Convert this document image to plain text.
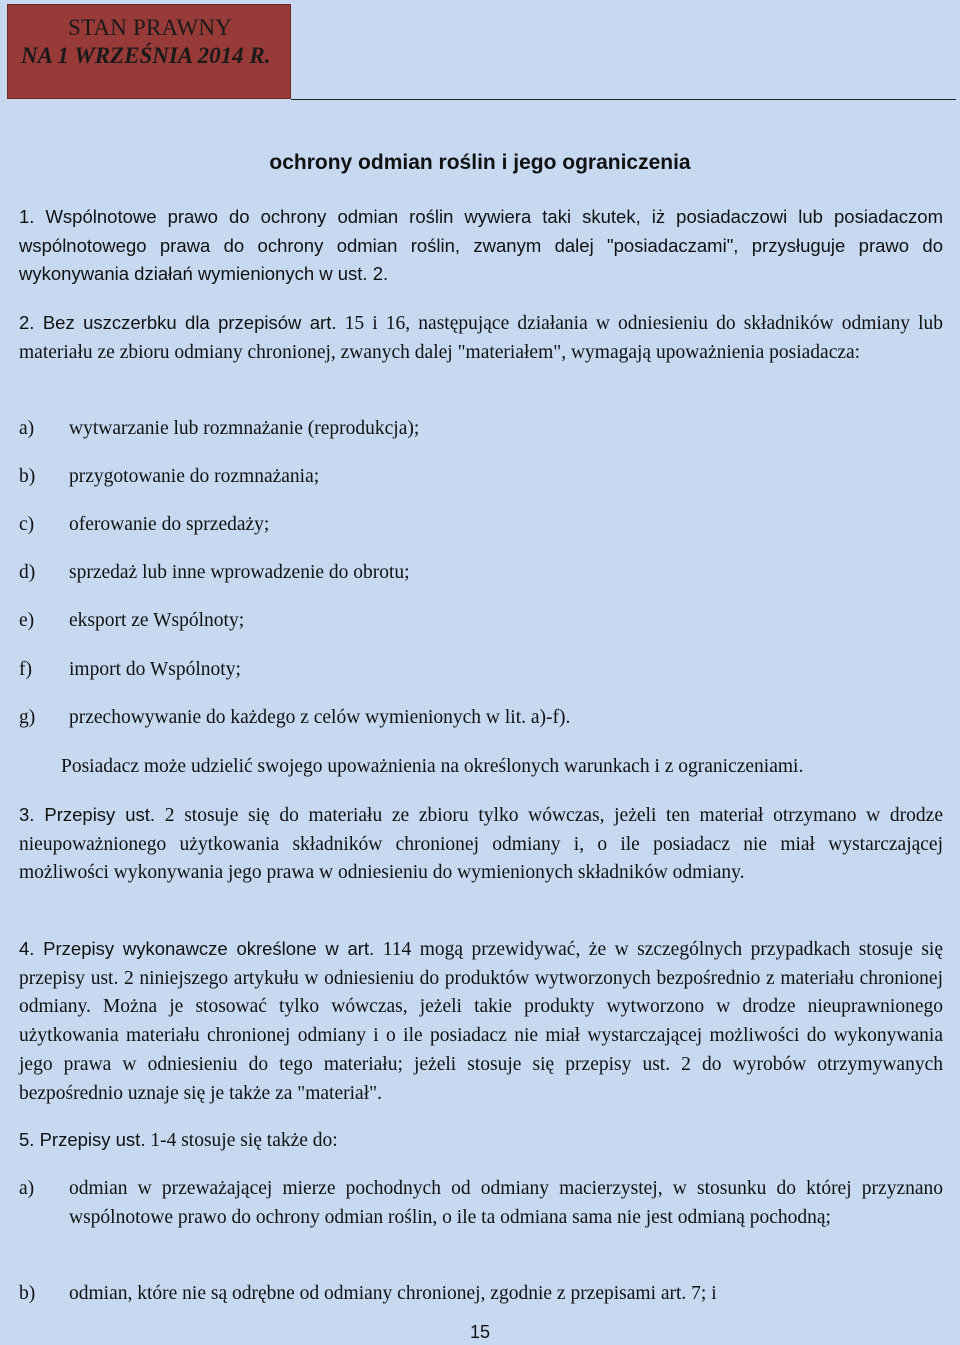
STAN PRAWNY
NA 1 WRZEŚNIA 2014 R.
ochrony odmian roślin i jego ograniczenia
1. Wspólnotowe prawo do ochrony odmian roślin wywiera taki skutek, iż posiadaczowi lub posiadaczom wspólnotowego prawa do ochrony odmian roślin, zwanym dalej "posiadaczami", przysługuje prawo do wykonywania działań wymienionych w ust. 2.
2. Bez uszczerbku dla przepisów art. 15 i 16, następujące działania w odniesieniu do składników odmiany lub materiału ze zbioru odmiany chronionej, zwanych dalej "materiałem", wymagają upoważnienia posiadacza:
a) wytwarzanie lub rozmnażanie (reprodukcja);
b) przygotowanie do rozmnażania;
c) oferowanie do sprzedaży;
d) sprzedaż lub inne wprowadzenie do obrotu;
e) eksport ze Wspólnoty;
f) import do Wspólnoty;
g) przechowywanie do każdego z celów wymienionych w lit. a)-f).
Posiadacz może udzielić swojego upoważnienia na określonych warunkach i z ograniczeniami.
3. Przepisy ust. 2 stosuje się do materiału ze zbioru tylko wówczas, jeżeli ten materiał otrzymano w drodze nieupoważnionego użytkowania składników chronionej odmiany i, o ile posiadacz nie miał wystarczającej możliwości wykonywania jego prawa w odniesieniu do wymienionych składników odmiany.
4. Przepisy wykonawcze określone w art. 114 mogą przewidywać, że w szczególnych przypadkach stosuje się przepisy ust. 2 niniejszego artykułu w odniesieniu do produktów wytworzonych bezpośrednio z materiału chronionej odmiany. Można je stosować tylko wówczas, jeżeli takie produkty wytworzono w drodze nieuprawnionego użytkowania materiału chronionej odmiany i o ile posiadacz nie miał wystarczającej możliwości do wykonywania jego prawa w odniesieniu do tego materiału; jeżeli stosuje się przepisy ust. 2 do wyrobów otrzymywanych bezpośrednio uznaje się je także za "materiał".
5. Przepisy ust. 1-4 stosuje się także do:
a) odmian w przeważającej mierze pochodnych od odmiany macierzystej, w stosunku do której przyznano wspólnotowe prawo do ochrony odmian roślin, o ile ta odmiana sama nie jest odmianą pochodną;
b) odmian, które nie są odrębne od odmiany chronionej, zgodnie z przepisami art. 7; i
15
